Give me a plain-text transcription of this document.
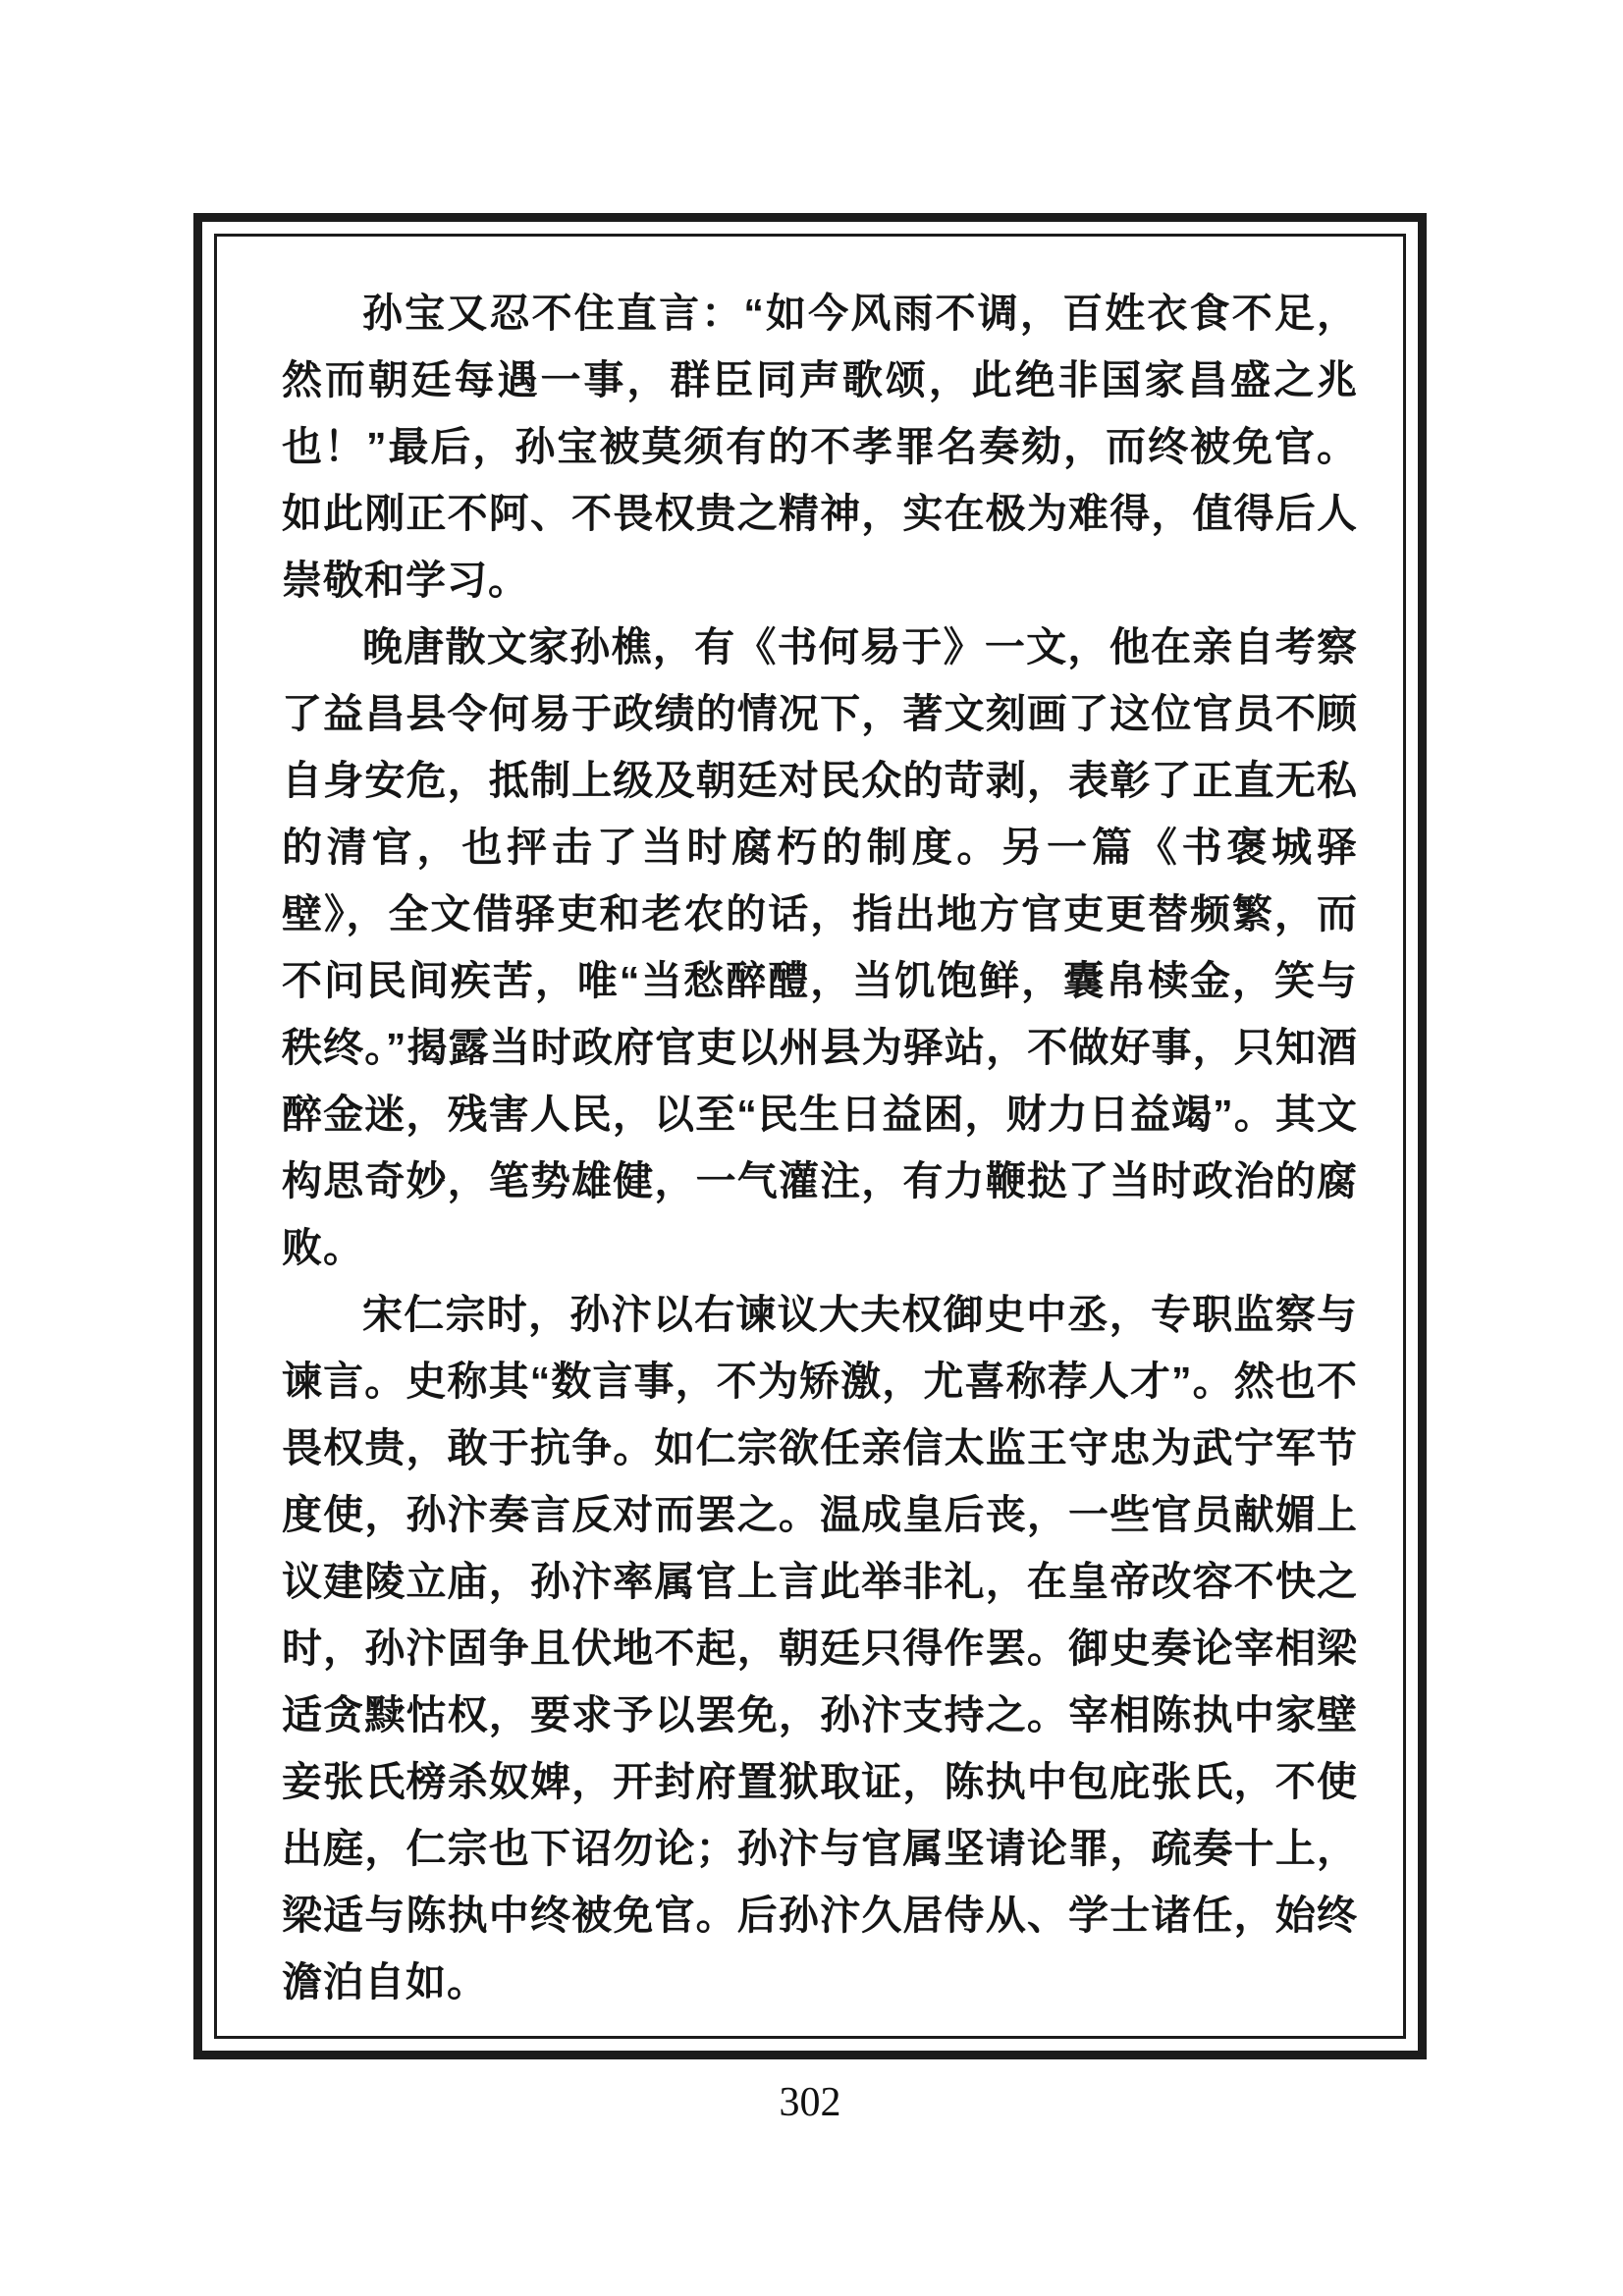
孙宝又忍不住直言：“如今风雨不调，百姓衣食不足，然而朝廷每遇一事，群臣同声歌颂，此绝非国家昌盛之兆也！”最后，孙宝被莫须有的不孝罪名奏劾，而终被免官。如此刚正不阿、不畏权贵之精神，实在极为难得，值得后人崇敬和学习。

晚唐散文家孙樵，有《书何易于》一文，他在亲自考察了益昌县令何易于政绩的情况下，著文刻画了这位官员不顾自身安危，抵制上级及朝廷对民众的苛剥，表彰了正直无私的清官，也抨击了当时腐朽的制度。另一篇《书褒城驿壁》，全文借驿吏和老农的话，指出地方官吏更替频繁，而不问民间疾苦，唯“当愁醉醴，当饥饱鲜，囊帛椟金，笑与秩终。”揭露当时政府官吏以州县为驿站，不做好事，只知酒醉金迷，残害人民，以至“民生日益困，财力日益竭”。其文构思奇妙，笔势雄健，一气灌注，有力鞭挞了当时政治的腐败。

宋仁宗时，孙汴以右谏议大夫权御史中丞，专职监察与谏言。史称其“数言事，不为矫激，尤喜称荐人才”。然也不畏权贵，敢于抗争。如仁宗欲任亲信太监王守忠为武宁军节度使，孙汴奏言反对而罢之。温成皇后丧，一些官员献媚上议建陵立庙，孙汴率属官上言此举非礼，在皇帝改容不快之时，孙汴固争且伏地不起，朝廷只得作罢。御史奏论宰相梁适贪黩怙权，要求予以罢免，孙汴支持之。宰相陈执中家壁妾张氏榜杀奴婢，开封府置狱取证，陈执中包庇张氏，不使出庭，仁宗也下诏勿论；孙汴与官属坚请论罪，疏奏十上，梁适与陈执中终被免官。后孙汴久居侍从、学士诸任，始终澹泊自如。

302
